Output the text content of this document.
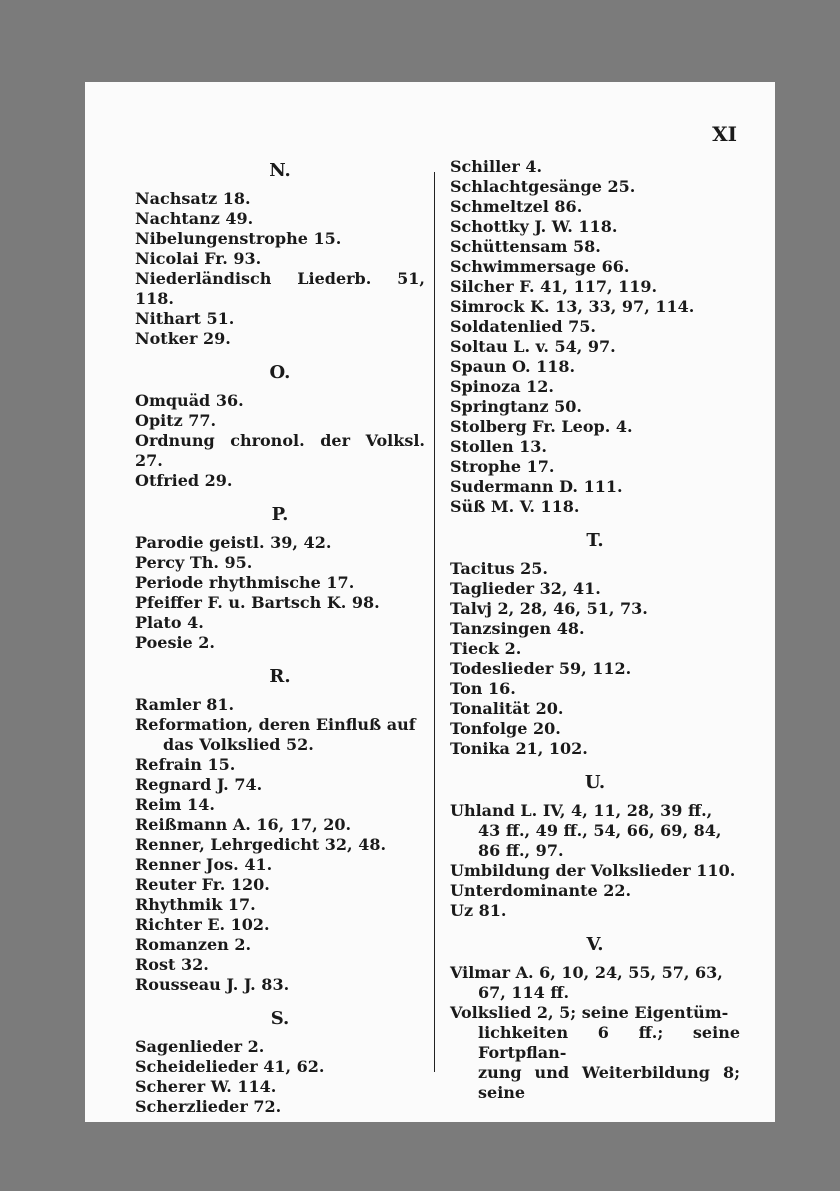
XI
N.
Nachsatz 18.
Nachtanz 49.
Nibelungenstrophe 15.
Nicolai Fr. 93.
Niederländisch Liederb. 51, 118.
Nithart 51.
Notker 29.
O.
Omquäd 36.
Opitz 77.
Ordnung chronol. der Volksl. 27.
Otfried 29.
P.
Parodie geistl. 39, 42.
Percy Th. 95.
Periode rhythmische 17.
Pfeiffer F. u. Bartsch K. 98.
Plato 4.
Poesie 2.
R.
Ramler 81.
Reformation, deren Einfluß auf
das Volkslied 52.
Refrain 15.
Regnard J. 74.
Reim 14.
Reißmann A. 16, 17, 20.
Renner, Lehrgedicht 32, 48.
Renner Jos. 41.
Reuter Fr. 120.
Rhythmik 17.
Richter E. 102.
Romanzen 2.
Rost 32.
Rousseau J. J. 83.
S.
Sagenlieder 2.
Scheidelieder 41, 62.
Scherer W. 114.
Scherzlieder 72.
Schiller 4.
Schlachtgesänge 25.
Schmeltzel 86.
Schottky J. W. 118.
Schüttensam 58.
Schwimmersage 66.
Silcher F. 41, 117, 119.
Simrock K. 13, 33, 97, 114.
Soldatenlied 75.
Soltau L. v. 54, 97.
Spaun O. 118.
Spinoza 12.
Springtanz 50.
Stolberg Fr. Leop. 4.
Stollen 13.
Strophe 17.
Sudermann D. 111.
Süß M. V. 118.
T.
Tacitus 25.
Taglieder 32, 41.
Talvj 2, 28, 46, 51, 73.
Tanzsingen 48.
Tieck 2.
Todeslieder 59, 112.
Ton 16.
Tonalität 20.
Tonfolge 20.
Tonika 21, 102.
U.
Uhland L. IV, 4, 11, 28, 39 ff.,
43 ff., 49 ff., 54, 66, 69, 84,
86 ff., 97.
Umbildung der Volkslieder 110.
Unterdominante 22.
Uz 81.
V.
Vilmar A. 6, 10, 24, 55, 57, 63,
67, 114 ff.
Volkslied 2, 5; seine Eigentüm-
lichkeiten 6 ff.; seine Fortpflan-
zung und Weiterbildung 8; seine
